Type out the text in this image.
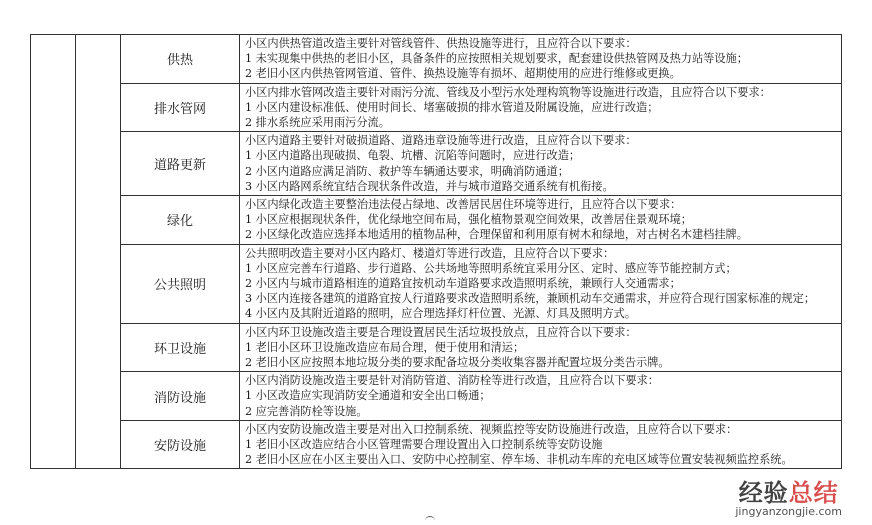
		供热	小区内供热管道改造主要针对管线管件、供热设施等进行，且应符合以下要求：
1 未实现集中供热的老旧小区，具备条件的应按照相关规划要求，配套建设供热管网及热力站等设施；
2 老旧小区内供热管网管道、管件、换热设施等有损坏、超期使用的应进行维修或更换。

		排水管网	小区内排水管网改造主要针对雨污分流、管线及小型污水处理构筑物等设施进行改造，且应符合以下要求：
1 小区内建设标准低、使用时间长、堵塞破损的排水管道及附属设施，应进行改造；
2 排水系统应采用雨污分流。

		道路更新	小区内道路主要针对破损道路、道路违章设施等进行改造，且应符合以下要求：
1 小区内道路出现破损、龟裂、坑槽、沉陷等问题时，应进行改造；
2 小区内道路应满足消防、救护等车辆通达要求，明确消防通道；
3 小区内路网系统宜结合现状条件改造，并与城市道路交通系统有机衔接。

		绿化	小区内绿化改造主要整治违法侵占绿地、改善居民居住环境等进行，且应符合以下要求：
1 小区应根据现状条件，优化绿地空间布局，强化植物景观空间效果，改善居住景观环境；
2 小区绿化改造应选择本地适用的植物品种，合理保留和利用原有树木和绿地，对古树名木建档挂牌。

		公共照明	公共照明改造主要对小区内路灯、楼道灯等进行改造，且应符合以下要求：
1 小区应完善车行道路、步行道路、公共场地等照明系统宜采用分区、定时、感应等节能控制方式；
2 小区内与城市道路相连的道路宜按机动车道路要求改造照明系统，兼顾行人交通需求；
3 小区内连接各建筑的道路宜按人行道路要求改造照明系统，兼顾机动车交通需求，并应符合现行国家标准的规定；
4 小区内及其附近道路的照明，应合理选择灯杆位置、光源、灯具及照明方式。

		环卫设施	小区内环卫设施改造主要是合理设置居民生活垃圾投放点，且应符合以下要求：
1 老旧小区环卫设施改造应布局合理，便于使用和清运；
2 老旧小区应按照本地垃圾分类的要求配备垃圾分类收集容器并配置垃圾分类告示牌。

		消防设施	小区内消防设施改造主要是针对消防管道、消防栓等进行改造，且应符合以下要求：
1 小区改造应实现消防安全通道和安全出口畅通；
2 应完善消防栓等设施。

		安防设施	小区内安防设施改造主要是对出入口控制系统、视频监控等安防设施进行改造，且应符合以下要求：
1 老旧小区改造应结合小区管理需要合理设置出入口控制系统等安防设施
2 老旧小区应在小区主要出入口、安防中心控制室、停车场、非机动车库的充电区域等位置安装视频监控系统。
经验总结
jingyanzongjie.com
